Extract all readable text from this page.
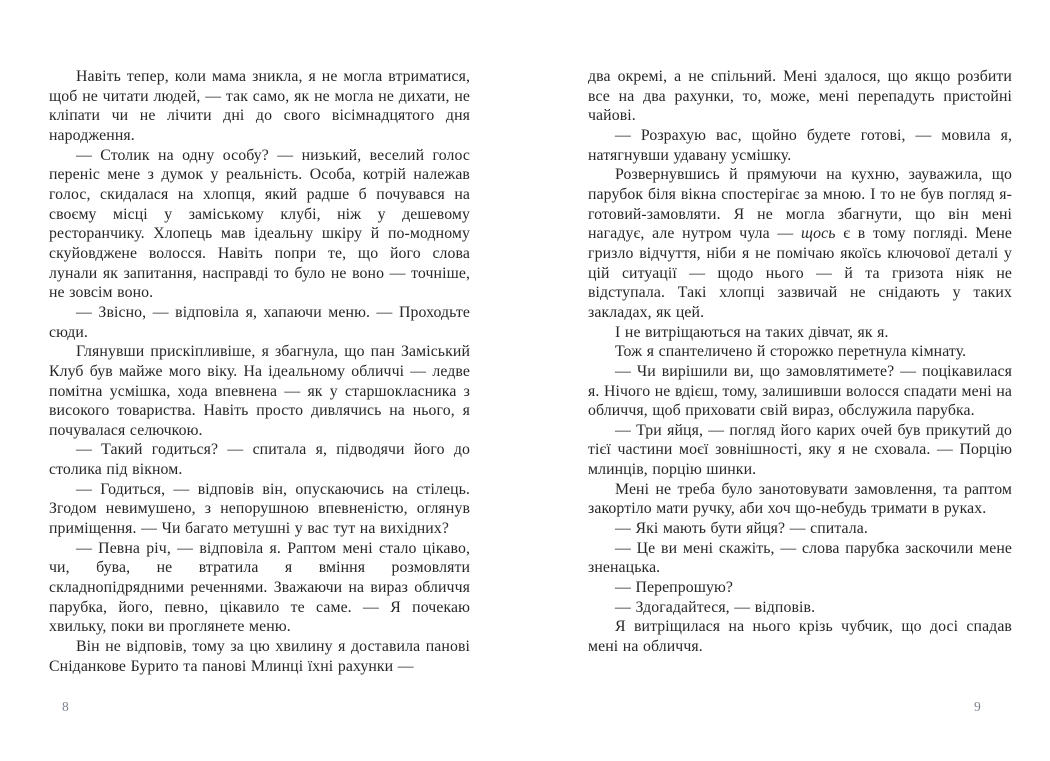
Навіть тепер, коли мама зникла, я не могла втриматися, щоб не читати людей, — так само, як не могла не дихати, не кліпати чи не лічити дні до свого вісімнадцятого дня народження.

— Столик на одну особу? — низький, веселий голос переніс мене з думок у реальність. Особа, котрій належав голос, скидалася на хлопця, який радше б почувався на своєму місці у заміському клубі, ніж у дешевому ресторанчику. Хлопець мав ідеальну шкіру й по-модному скуйовджене волосся. Навіть попри те, що його слова лунали як запитання, насправді то було не воно — точніше, не зовсім воно.

— Звісно, — відповіла я, хапаючи меню. — Проходьте сюди.

Глянувши прискіпливіше, я збагнула, що пан Заміський Клуб був майже мого віку. На ідеальному обличчі — ледве помітна усмішка, хода впевнена — як у старшокласника з високого товариства. Навіть просто дивлячись на нього, я почувалася селючкою.

— Такий годиться? — спитала я, підводячи його до столика під вікном.

— Годиться, — відповів він, опускаючись на стілець. Згодом невимушено, з непорушною впевненістю, оглянув приміщення. — Чи багато метушні у вас тут на вихідних?

— Певна річ, — відповіла я. Раптом мені стало цікаво, чи, бува, не втратила я вміння розмовляти складнопідрядними реченнями. Зважаючи на вираз обличчя парубка, його, певно, цікавило те саме. — Я почекаю хвильку, поки ви проглянете меню.

Він не відповів, тому за цю хвилину я доставила панові Сніданкове Бурито та панові Млинці їхні рахунки —

два окремі, а не спільний. Мені здалося, що якщо розбити все на два рахунки, то, може, мені перепадуть пристойні чайові.

— Розрахую вас, щойно будете готові, — мовила я, натягнувши удавану усмішку.

Розвернувшись й прямуючи на кухню, зауважила, що парубок біля вікна спостерігає за мною. І то не був погляд я-готовий-замовляти. Я не могла збагнути, що він мені нагадує, але нутром чула — щось є в тому погляді. Мене гризло відчуття, ніби я не помічаю якоїсь ключової деталі у цій ситуації — щодо нього — й та гризота ніяк не відступала. Такі хлопці зазвичай не снідають у таких закладах, як цей.

І не витріщаються на таких дівчат, як я.

Тож я спантеличено й сторожко перетнула кімнату.

— Чи вирішили ви, що замовлятимете? — поцікавилася я. Нічого не вдієш, тому, залишивши волосся спадати мені на обличчя, щоб приховати свій вираз, обслужила парубка.

— Три яйця, — погляд його карих очей був прикутий до тієї частини моєї зовнішності, яку я не сховала. — Порцію млинців, порцію шинки.

Мені не треба було занотовувати замовлення, та раптом закортіло мати ручку, аби хоч що-небудь тримати в руках.

— Які мають бути яйця? — спитала.

— Це ви мені скажіть, — слова парубка заскочили мене зненацька.

— Перепрошую?

— Здогадайтеся, — відповів.

Я витріщилася на нього крізь чубчик, що досі спадав мені на обличчя.

8	9
